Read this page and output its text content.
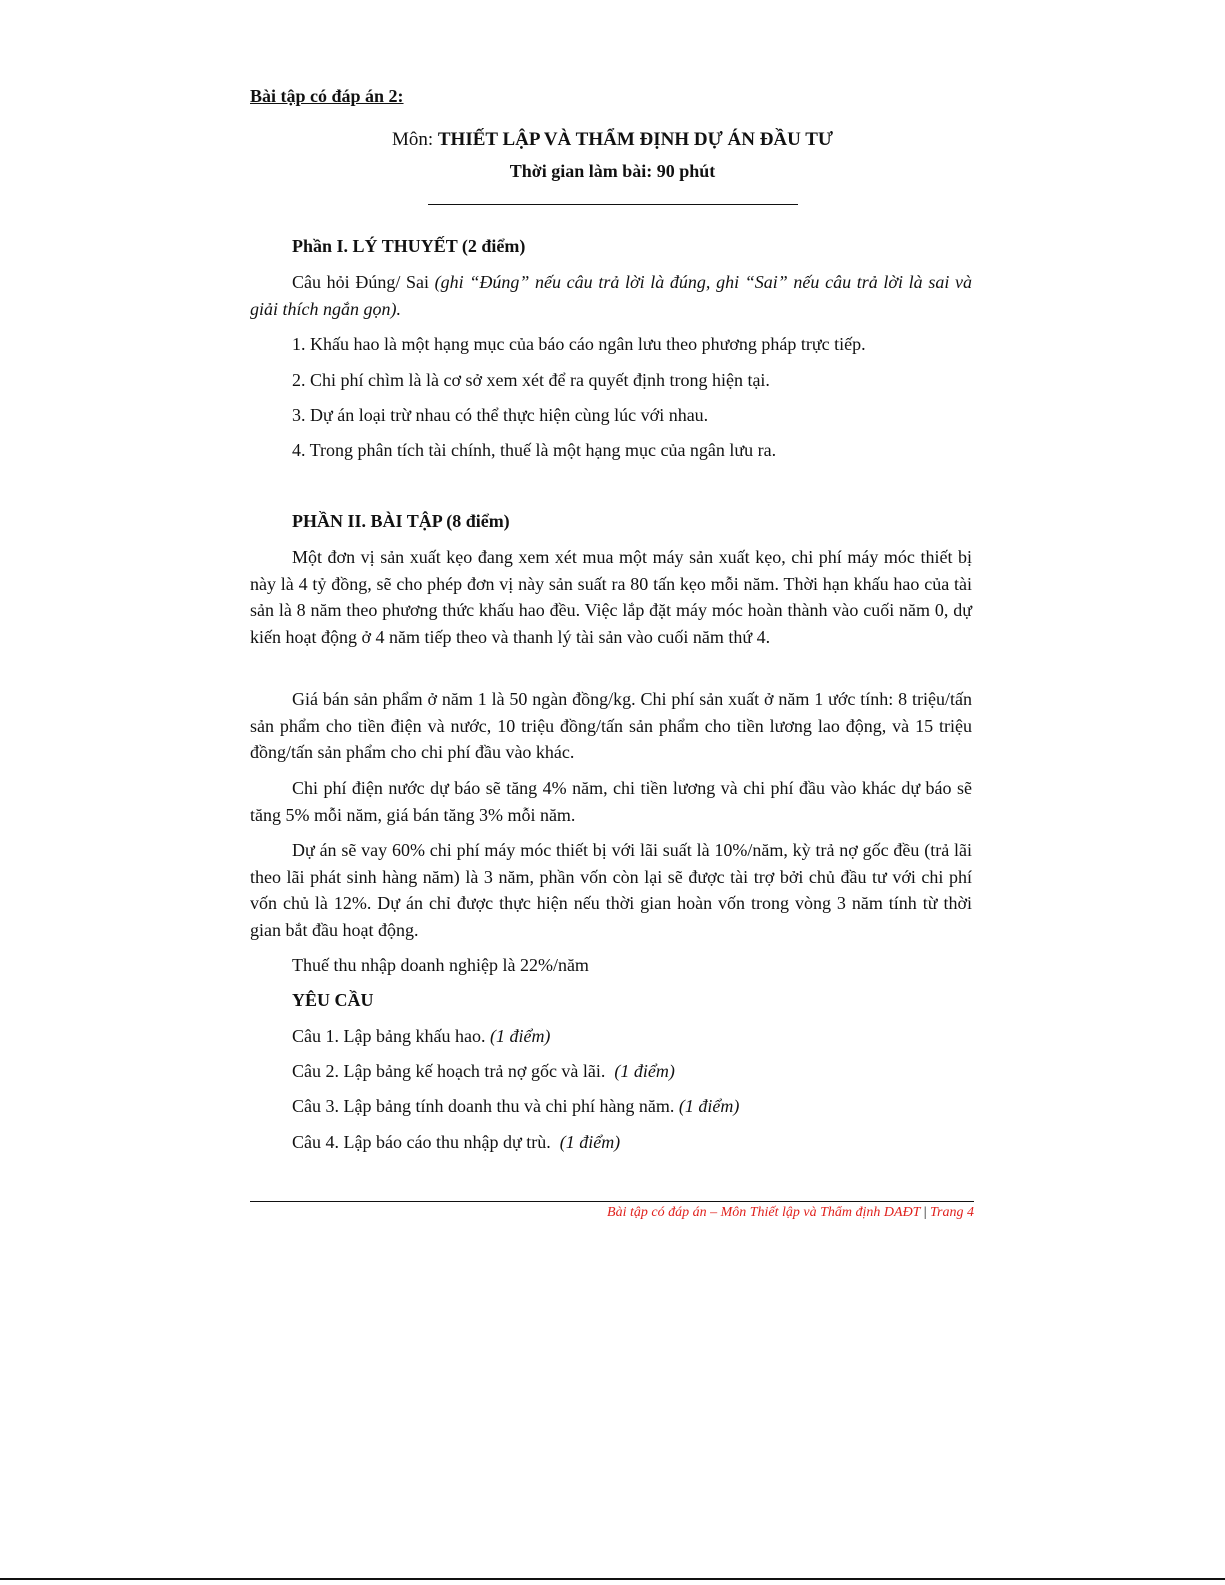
Bài tập có đáp án 2:
Môn: THIẾT LẬP VÀ THẨM ĐỊNH DỰ ÁN ĐẦU TƯ
Thời gian làm bài: 90 phút
Phần I. LÝ THUYẾT (2 điểm)
Câu hỏi Đúng/ Sai (ghi “Đúng” nếu câu trả lời là đúng, ghi “Sai” nếu câu trả lời là sai và giải thích ngắn gọn).
1. Khấu hao là một hạng mục của báo cáo ngân lưu theo phương pháp trực tiếp.
2. Chi phí chìm là là cơ sở xem xét để ra quyết định trong hiện tại.
3. Dự án loại trừ nhau có thể thực hiện cùng lúc với nhau.
4. Trong phân tích tài chính, thuế là một hạng mục của ngân lưu ra.
PHẦN II. BÀI TẬP (8 điểm)
Một đơn vị sản xuất kẹo đang xem xét mua một máy sản xuất kẹo, chi phí máy móc thiết bị này là 4 tỷ đồng, sẽ cho phép đơn vị này sản suất ra 80 tấn kẹo mỗi năm. Thời hạn khấu hao của tài sản là 8 năm theo phương thức khấu hao đều. Việc lắp đặt máy móc hoàn thành vào cuối năm 0, dự kiến hoạt động ở 4 năm tiếp theo và thanh lý tài sản vào cuối năm thứ 4.
Giá bán sản phẩm ở năm 1 là 50 ngàn đồng/kg. Chi phí sản xuất ở năm 1 ước tính: 8 triệu/tấn sản phẩm cho tiền điện và nước, 10 triệu đồng/tấn sản phẩm cho tiền lương lao động, và 15 triệu đồng/tấn sản phẩm cho chi phí đầu vào khác.
Chi phí điện nước dự báo sẽ tăng 4% năm, chi tiền lương và chi phí đầu vào khác dự báo sẽ tăng 5% mỗi năm, giá bán tăng 3% mỗi năm.
Dự án sẽ vay 60% chi phí máy móc thiết bị với lãi suất là 10%/năm, kỳ trả nợ gốc đều (trả lãi theo lãi phát sinh hàng năm) là 3 năm, phần vốn còn lại sẽ được tài trợ bởi chủ đầu tư với chi phí vốn chủ là 12%. Dự án chỉ được thực hiện nếu thời gian hoàn vốn trong vòng 3 năm tính từ thời gian bắt đầu hoạt động.
Thuế thu nhập doanh nghiệp là 22%/năm
YÊU CẦU
Câu 1. Lập bảng khấu hao. (1 điểm)
Câu 2. Lập bảng kế hoạch trả nợ gốc và lãi. (1 điểm)
Câu 3. Lập bảng tính doanh thu và chi phí hàng năm. (1 điểm)
Câu 4. Lập báo cáo thu nhập dự trù. (1 điểm)
Bài tập có đáp án – Môn Thiết lập và Thẩm định DAĐT | Trang 4
